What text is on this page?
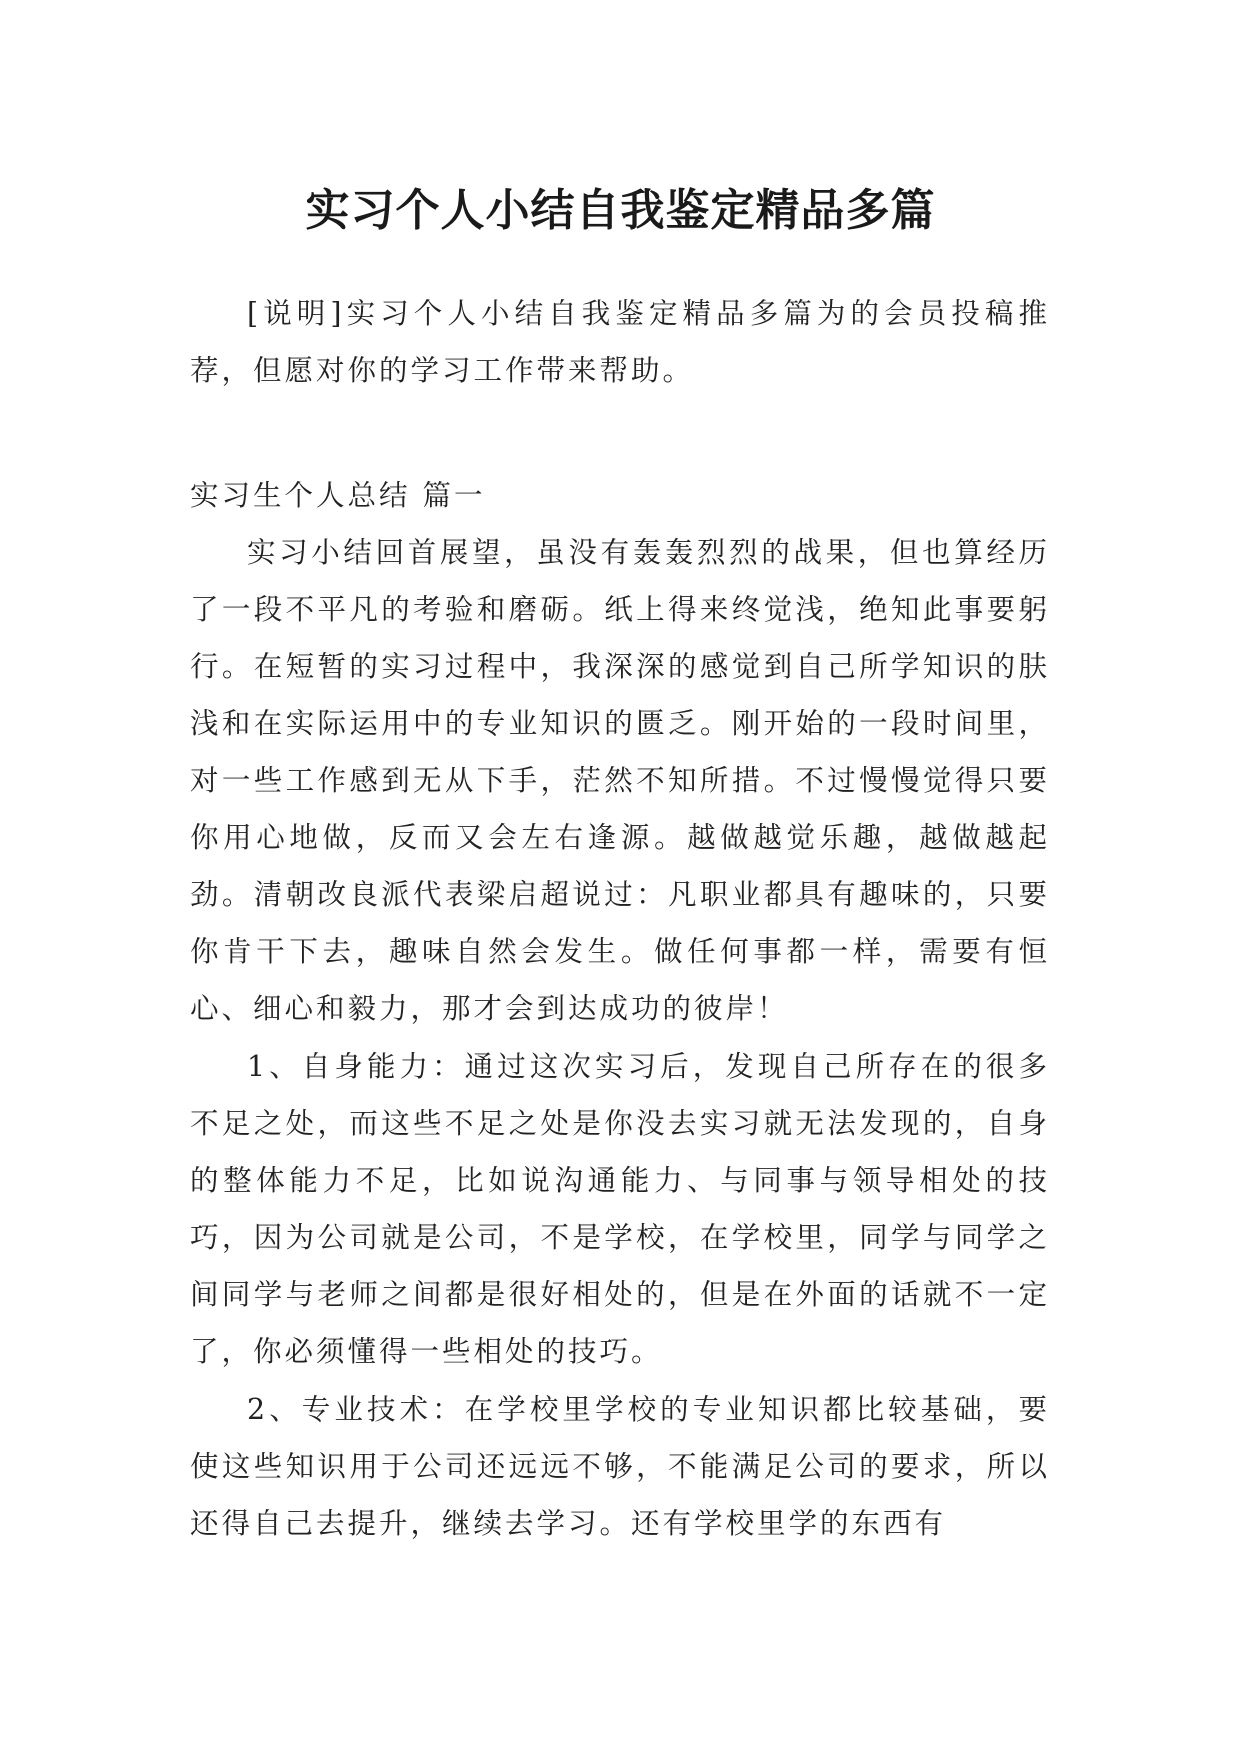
实习个人小结自我鉴定精品多篇

[说明]实习个人小结自我鉴定精品多篇为的会员投稿推荐，但愿对你的学习工作带来帮助。

实习生个人总结 篇一

实习小结回首展望，虽没有轰轰烈烈的战果，但也算经历了一段不平凡的考验和磨砺。纸上得来终觉浅，绝知此事要躬行。在短暂的实习过程中，我深深的感觉到自己所学知识的肤浅和在实际运用中的专业知识的匮乏。刚开始的一段时间里，对一些工作感到无从下手，茫然不知所措。不过慢慢觉得只要你用心地做，反而又会左右逢源。越做越觉乐趣，越做越起劲。清朝改良派代表梁启超说过：凡职业都具有趣味的，只要你肯干下去，趣味自然会发生。做任何事都一样，需要有恒心、细心和毅力，那才会到达成功的彼岸！

1、自身能力：通过这次实习后，发现自己所存在的很多不足之处，而这些不足之处是你没去实习就无法发现的，自身的整体能力不足，比如说沟通能力、与同事与领导相处的技巧，因为公司就是公司，不是学校，在学校里，同学与同学之间同学与老师之间都是很好相处的，但是在外面的话就不一定了，你必须懂得一些相处的技巧。

2、专业技术：在学校里学校的专业知识都比较基础，要使这些知识用于公司还远远不够，不能满足公司的要求，所以还得自己去提升，继续去学习。还有学校里学的东西有
